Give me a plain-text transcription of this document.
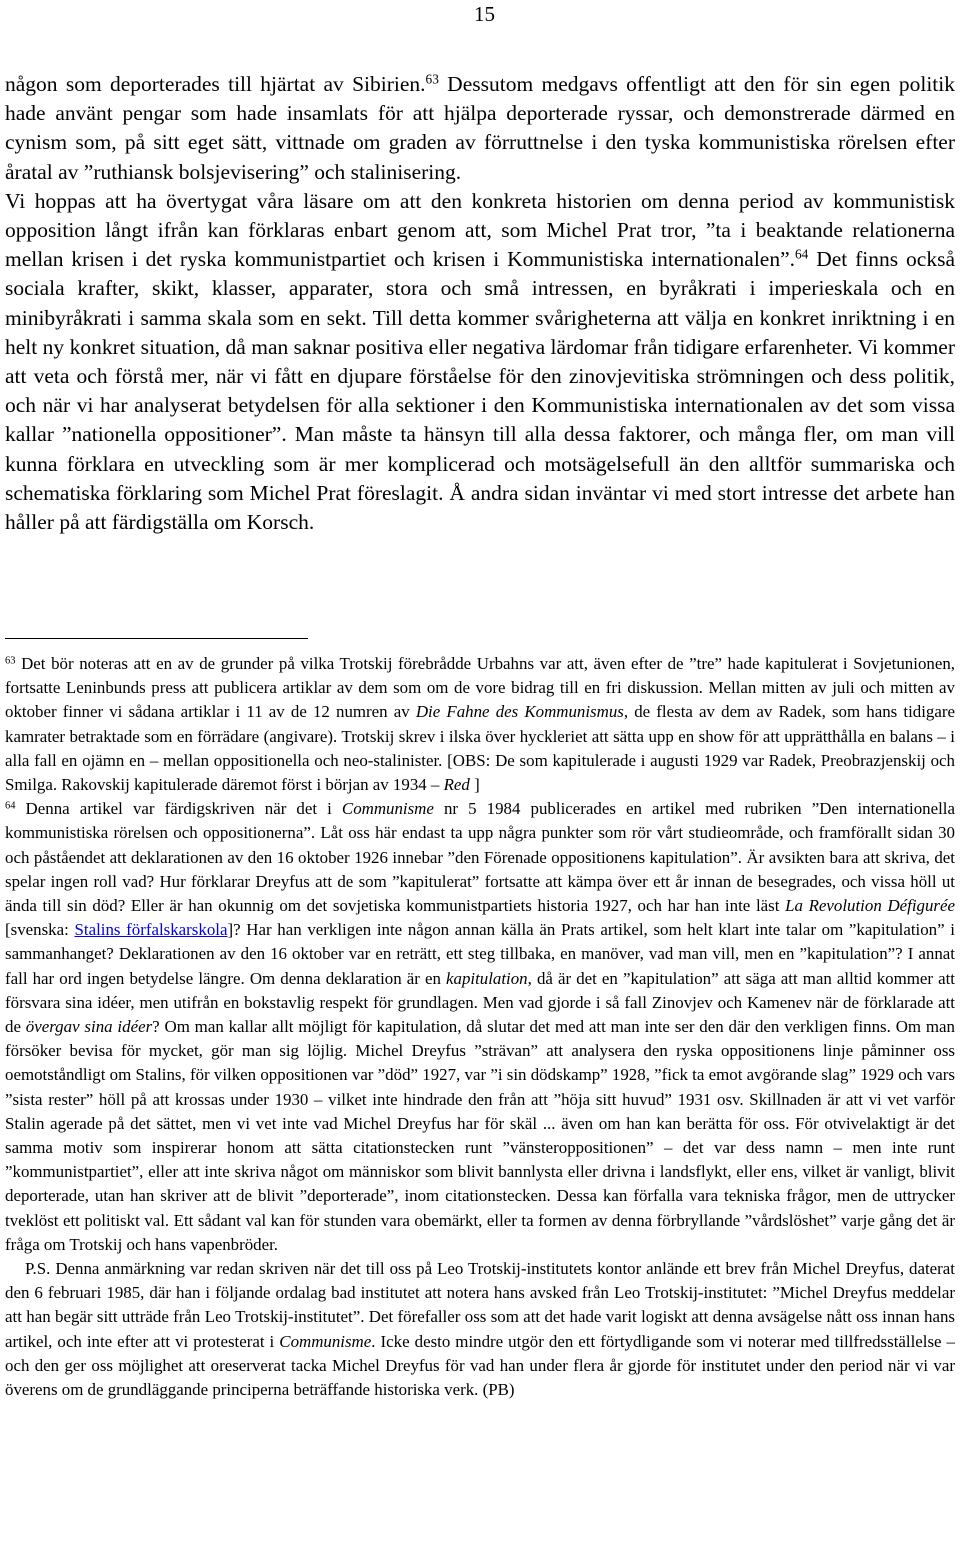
15

någon som deporterades till hjärtat av Sibirien.$^{63}$ Dessutom medgavs offentligt att den för sin egen politik hade använt pengar som hade insamlats för att hjälpa deporterade ryssar, och demonstrerade därmed en cynism som, på sitt eget sätt, vittnade om graden av förruttnelse i den tyska kommunistiska rörelsen efter åratal av ”ruthiansk bolsjevisering” och stalinisering.

Vi hoppas att ha övertygat våra läsare om att den konkreta historien om denna period av kommunistisk opposition långt ifrån kan förklaras enbart genom att, som Michel Prat tror, ”ta i beaktande relationerna mellan krisen i det ryska kommunistpartiet och krisen i Kommunistiska internationalen”.$^{64}$ Det finns också sociala krafter, skikt, klasser, apparater, stora och små intressen, en byråkrati i imperieskala och en minibyråkrati i samma skala som en sekt. Till detta kommer svårigheterna att välja en konkret inriktning i en helt ny konkret situation, då man saknar positiva eller negativa lärdomar från tidigare erfarenheter. Vi kommer att veta och förstå mer, när vi fått en djupare förståelse för den zinovjevitiska strömningen och dess politik, och när vi har analyserat betydelsen för alla sektioner i den Kommunistiska internationalen av det som vissa kallar ”nationella oppositioner”. Man måste ta hänsyn till alla dessa faktorer, och många fler, om man vill kunna förklara en utveckling som är mer komplicerad och motsägelsefull än den alltför summariska och schematiska förklaring som Michel Prat föreslagit. Å andra sidan inväntar vi med stort intresse det arbete han håller på att färdigställa om Korsch.

$^{63}$ Det bör noteras att en av de grunder på vilka Trotskij förebrådde Urbahns var att, även efter de ”tre” hade kapitulerat i Sovjetunionen, fortsatte Leninbunds press att publicera artiklar av dem som om de vore bidrag till en fri diskussion. Mellan mitten av juli och mitten av oktober finner vi sådana artiklar i 11 av de 12 numren av Die Fahne des Kommunismus, de flesta av dem av Radek, som hans tidigare kamrater betraktade som en förrädare (angivare). Trotskij skrev i ilska över hyckleriet att sätta upp en show för att upprätthålla en balans – i alla fall en ojämn en – mellan oppositionella och neo-stalinister. [OBS: De som kapitulerade i augusti 1929 var Radek, Preobrazjenskij och Smilga. Rakovskij kapitulerade däremot först i början av 1934 – Red ]

$^{64}$ Denna artikel var färdigskriven när det i Communisme nr 5 1984 publicerades en artikel med rubriken ”Den internationella kommunistiska rörelsen och oppositionerna”. Låt oss här endast ta upp några punkter som rör vårt studieområde, och framförallt sidan 30 och påståendet att deklarationen av den 16 oktober 1926 innebar ”den Förenade oppositionens kapitulation”. Är avsikten bara att skriva, det spelar ingen roll vad? Hur förklarar Dreyfus att de som ”kapitulerat” fortsatte att kämpa över ett år innan de besegrades, och vissa höll ut ända till sin död? Eller är han okunnig om det sovjetiska kommunistpartiets historia 1927, och har han inte läst La Revolution Défigurée [svenska: Stalins förfalskarskola]? Har han verkligen inte någon annan källa än Prats artikel, som helt klart inte talar om ”kapitulation” i sammanhanget? Deklarationen av den 16 oktober var en reträtt, ett steg tillbaka, en manöver, vad man vill, men en ”kapitulation”? I annat fall har ord ingen betydelse längre. Om denna deklaration är en kapitulation, då är det en ”kapitulation” att säga att man alltid kommer att försvara sina idéer, men utifrån en bokstavlig respekt för grundlagen. Men vad gjorde i så fall Zinovjev och Kamenev när de förklarade att de övergav sina idéer? Om man kallar allt möjligt för kapitulation, då slutar det med att man inte ser den där den verkligen finns. Om man försöker bevisa för mycket, gör man sig löjlig. Michel Dreyfus ”strävan” att analysera den ryska oppositionens linje påminner oss oemotståndligt om Stalins, för vilken oppositionen var ”död” 1927, var ”i sin dödskamp” 1928, ”fick ta emot avgörande slag” 1929 och vars ”sista rester” höll på att krossas under 1930 – vilket inte hindrade den från att ”höja sitt huvud” 1931 osv. Skillnaden är att vi vet varför Stalin agerade på det sättet, men vi vet inte vad Michel Dreyfus har för skäl ... även om han kan berätta för oss. För otvivelaktigt är det samma motiv som inspirerar honom att sätta citationstecken runt ”vänsteroppositionen” – det var dess namn – men inte runt ”kommunistpartiet”, eller att inte skriva något om människor som blivit bannlysta eller drivna i landsflykt, eller ens, vilket är vanligt, blivit deporterade, utan han skriver att de blivit ”deporterade”, inom citationstecken. Dessa kan förfalla vara tekniska frågor, men de uttrycker tveklöst ett politiskt val. Ett sådant val kan för stunden vara obemärkt, eller ta formen av denna förbryllande ”vårdslöshet” varje gång det är fråga om Trotskij och hans vapenbröder.

P.S. Denna anmärkning var redan skriven när det till oss på Leo Trotskij-institutets kontor anlände ett brev från Michel Dreyfus, daterat den 6 februari 1985, där han i följande ordalag bad institutet att notera hans avsked från Leo Trotskij-institutet: ”Michel Dreyfus meddelar att han begär sitt utträde från Leo Trotskij-institutet”. Det förefaller oss som att det hade varit logiskt att denna avsägelse nått oss innan hans artikel, och inte efter att vi protesterat i Communisme. Icke desto mindre utgör den ett förtydligande som vi noterar med tillfredsställelse – och den ger oss möjlighet att oreserverat tacka Michel Dreyfus för vad han under flera år gjorde för institutet under den period när vi var överens om de grundläggande principerna beträffande historiska verk. (PB)
